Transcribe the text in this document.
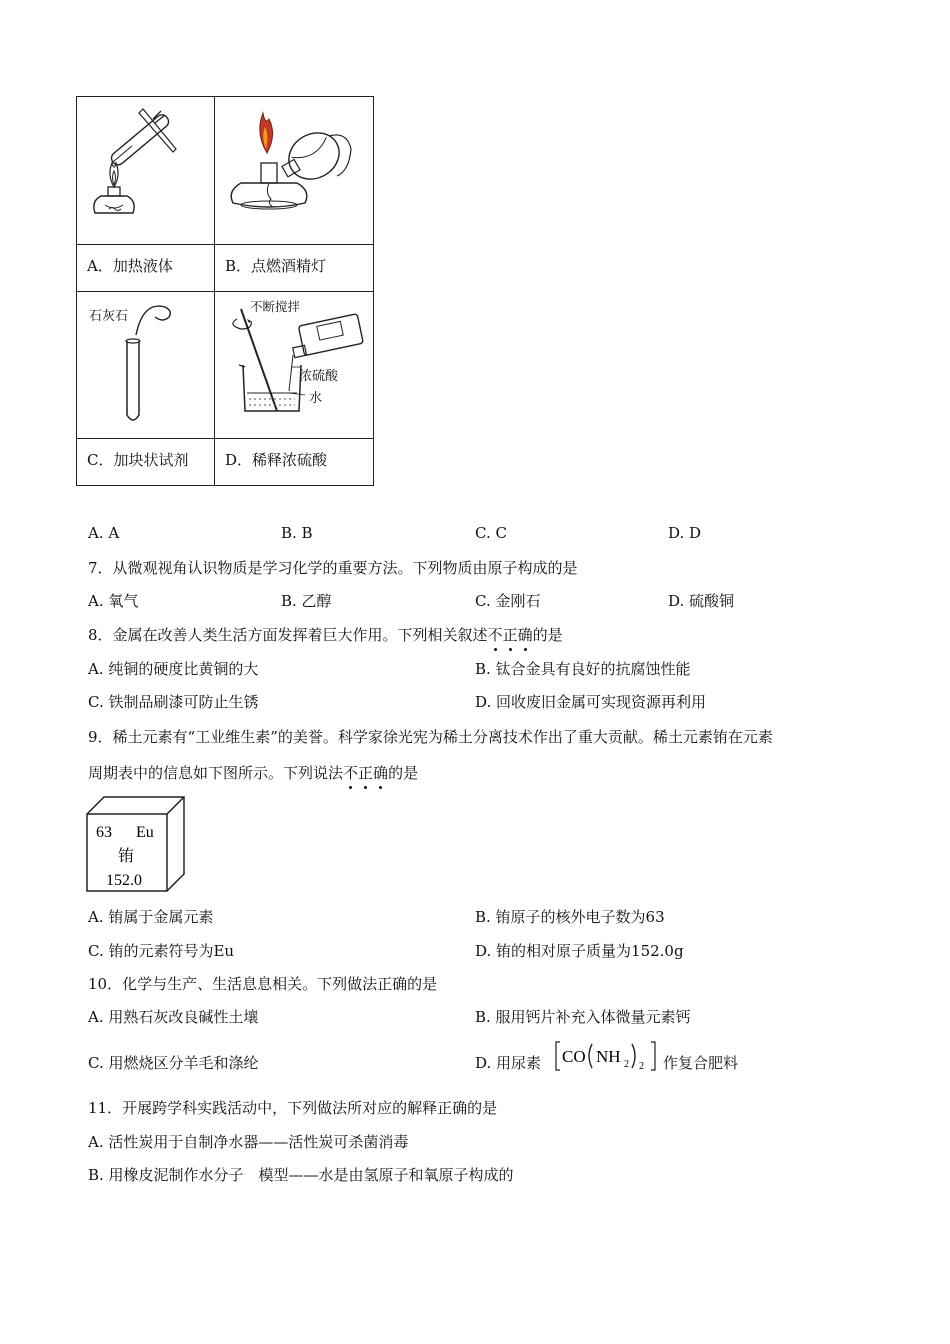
A．加热液体	B．点燃酒精灯
石灰石
不断搅拌
浓硫酸
水
C．加块状试剂 D．稀释浓硫酸
A. A	B. B	C. C	D. D
7．从微观视角认识物质是学习化学的重要方法。下列物质由原子构成的是
A. 氧气	B. 乙醇	C. 金刚石	D. 硫酸铜
8．金属在改善人类生活方面发挥着巨大作用。下列相关叙述不正确的是
A. 纯铜的硬度比黄铜的大	B. 钛合金具有良好的抗腐蚀性能
C. 铁制品刷漆可防止生锈	D. 回收废旧金属可实现资源再利用
9．稀土元素有“工业维生素”的美誉。科学家徐光宪为稀土分离技术作出了重大贡献。稀土元素铕在元素
周期表中的信息如下图所示。下列说法不正确的是
63 Eu
铕
152.0
A. 铕属于金属元素	B. 铕原子的核外电子数为63
C. 铕的元素符号为Eu	D. 铕的相对原子质量为152.0g
10．化学与生产、生活息息相关。下列做法正确的是
A. 用熟石灰改良碱性土壤	B. 服用钙片补充入体微量元素钙
C. 用燃烧区分羊毛和涤纶	D. 用尿素 CO NH 2 2 作复合肥料
11．开展跨学科实践活动中，下列做法所对应的解释正确的是
A. 活性炭用于自制净水器——活性炭可杀菌消毒
B. 用橡皮泥制作水分子　模型——水是由氢原子和氧原子构成的
